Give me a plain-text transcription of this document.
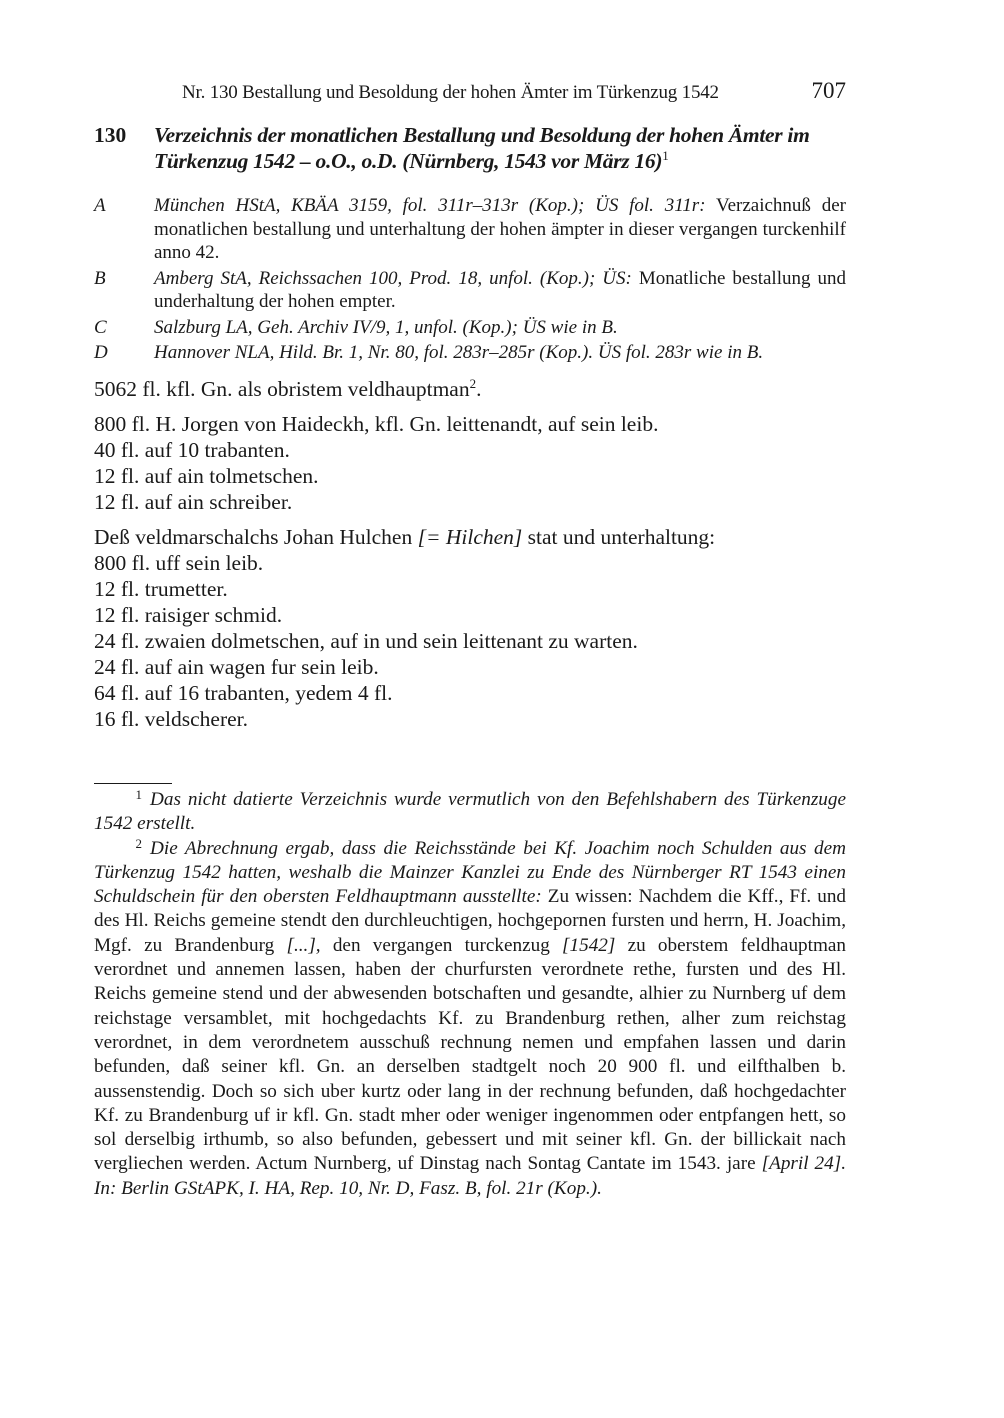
Nr. 130 Bestallung und Besoldung der hohen Ämter im Türkenzug 1542	707
130 Verzeichnis der monatlichen Bestallung und Besoldung der hohen Ämter im Türkenzug 1542 – o.O., o.D. (Nürnberg, 1543 vor März 16)$^1$
A	München HStA, KBÄA 3159, fol. 311r–313r (Kop.); ÜS fol. 311r: Verzaichnuß der monatlichen bestallung und unterhaltung der hohen ämpter in dieser vergangen turckenhilf anno 42.
B	Amberg StA, Reichssachen 100, Prod. 18, unfol. (Kop.); ÜS: Monatliche bestallung und underhaltung der hohen empter.
C Salzburg LA, Geh. Archiv IV/9, 1, unfol. (Kop.); ÜS wie in B.
D Hannover NLA, Hild. Br. 1, Nr. 80, fol. 283r–285r (Kop.). ÜS fol. 283r wie in B.
5062 fl. kfl. Gn. als obristem veldhauptman$^2$.
800 fl. H. Jorgen von Haideckh, kfl. Gn. leittenandt, auf sein leib.
40 fl. auf 10 trabanten.
12 fl. auf ain tolmetschen.
12 fl. auf ain schreiber.
Deß veldmarschalchs Johan Hulchen [= Hilchen] stat und unterhaltung:
800 fl. uff sein leib.
12 fl. trumetter.
12 fl. raisiger schmid.
24 fl. zwaien dolmetschen, auf in und sein leittenant zu warten.
24 fl. auf ain wagen fur sein leib.
64 fl. auf 16 trabanten, yedem 4 fl.
16 fl. veldscherer.
1 Das nicht datierte Verzeichnis wurde vermutlich von den Befehlshabern des Türkenzuge 1542 erstellt.
2 Die Abrechnung ergab, dass die Reichsstände bei Kf. Joachim noch Schulden aus dem Türkenzug 1542 hatten, weshalb die Mainzer Kanzlei zu Ende des Nürnberger RT 1543 einen Schuldschein für den obersten Feldhauptmann ausstellte: Zu wissen: Nachdem die Kff., Ff. und des Hl. Reichs gemeine stendt den durchleuchtigen, hochgepornen fursten und herrn, H. Joachim, Mgf. zu Brandenburg [...], den vergangen turckenzug [1542] zu oberstem feldhauptman verordnet und annemen lassen, haben der churfursten verordnete rethe, fursten und des Hl. Reichs gemeine stend und der abwesenden botschaften und gesandte, alhier zu Nurnberg uf dem reichstage versamblet, mit hochgedachts Kf. zu Brandenburg rethen, alher zum reichstag verordnet, in dem verordnetem ausschuß rechnung nemen und empfahen lassen und darin befunden, daß seiner kfl. Gn. an derselben stadtgelt noch 20 900 fl. und eilfthalben b. aussenstendig. Doch so sich uber kurtz oder lang in der rechnung befunden, daß hochgedachter Kf. zu Brandenburg uf ir kfl. Gn. stadt mher oder weniger ingenommen oder entpfangen hett, so sol derselbig irthumb, so also befunden, gebessert und mit seiner kfl. Gn. der billickait nach vergliechen werden. Actum Nurnberg, uf Dinstag nach Sontag Cantate im 1543. jare [April 24]. In: Berlin GStAPK, I. HA, Rep. 10, Nr. D, Fasz. B, fol. 21r (Kop.).
